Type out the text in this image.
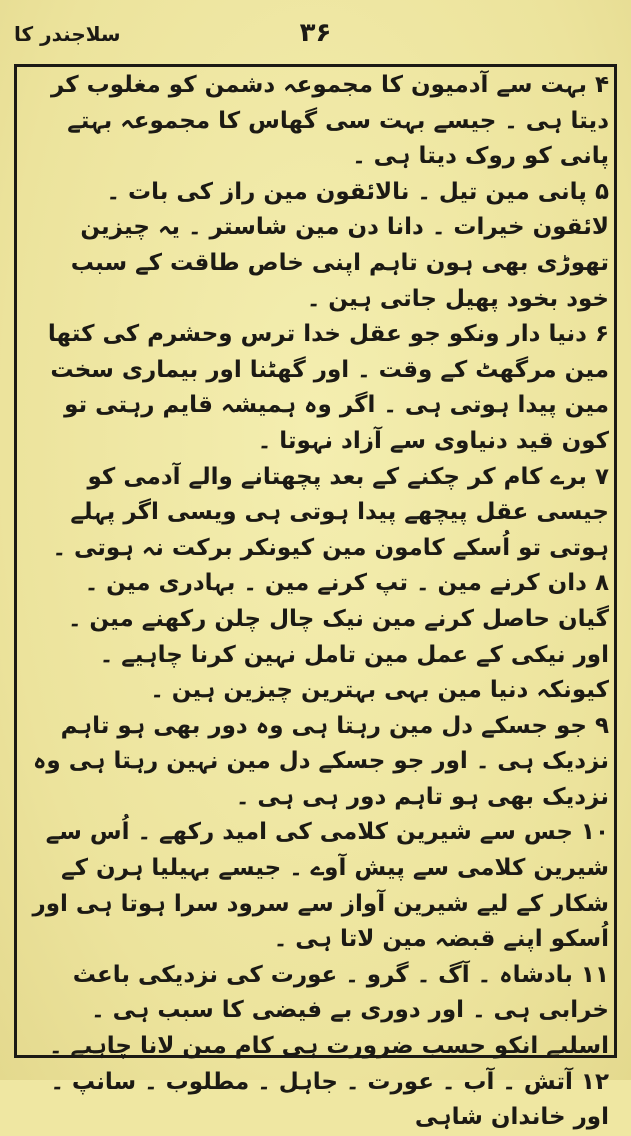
سلاجندر کا	۳۶

۴بہت سے آدمیون کا مجموعہ دشمن کو مغلوب کر دیتا ہی ۔ جیسے بہت سی گھاس کا مجموعہ بہتے پانی کو روک دیتا ہی ۔

۵پانی مین تیل ۔ نالائقون مین راز کی بات ۔ لائقون خیرات ۔ دانا دن مین شاستر ۔ یہ چیزین تھوڑی بھی ہون تاہم اپنی خاص طاقت کے سبب خود بخود پھیل جاتی ہین ۔

۶دنیا دار ونکو جو عقل خدا ترس وحشرم کی کتھا مین مرگھٹ کے وقت ۔ اور گھٹنا اور بیماری سخت مین پیدا ہوتی ہی ۔ اگر وہ ہمیشہ قایم رہتی تو کون قید دنیاوی سے آزاد نہوتا ۔

۷برے کام کر چکنے کے بعد پچھتانے والے آدمی کو جیسی عقل پیچھے پیدا ہوتی ہی ویسی اگر پہلے ہوتی تو اُسکے کامون مین کیونکر برکت نہ ہوتی ۔

۸دان کرنے مین ۔ تپ کرنے مین ۔ بہادری مین ۔ گیان حاصل کرنے مین نیک چال چلن رکھنے مین ۔ اور نیکی کے عمل مین تامل نہین کرنا چاہیے ۔ کیونکہ دنیا مین بہی بہترین چیزین ہین ۔

۹جو جسکے دل مین رہتا ہی وہ دور بھی ہو تاہم نزدیک ہی ۔ اور جو جسکے دل مین نہین رہتا ہی وہ نزدیک بھی ہو تاہم دور ہی ہی ۔

۱۰جس سے شیرین کلامی کی امید رکھے ۔ اُس سے شیرین کلامی سے پیش آوے ۔ جیسے بہیلیا ہرن کے شکار کے لیے شیرین آواز سے سرود سرا ہوتا ہی اور اُسکو اپنے قبضہ مین لاتا ہی ۔

۱۱بادشاہ ۔ آگ ۔ گرو ۔ عورت کی نزدیکی باعث خرابی ہی ۔ اور دوری بے فیضی کا سبب ہی ۔ اسلیے انکو حسب ضرورت ہی کام مین لانا چاہیے ۔

۱۲آتش ۔ آب ۔ عورت ۔ جاہل ۔ مطلوب ۔ سانپ ۔ اور خاندان شاہی
